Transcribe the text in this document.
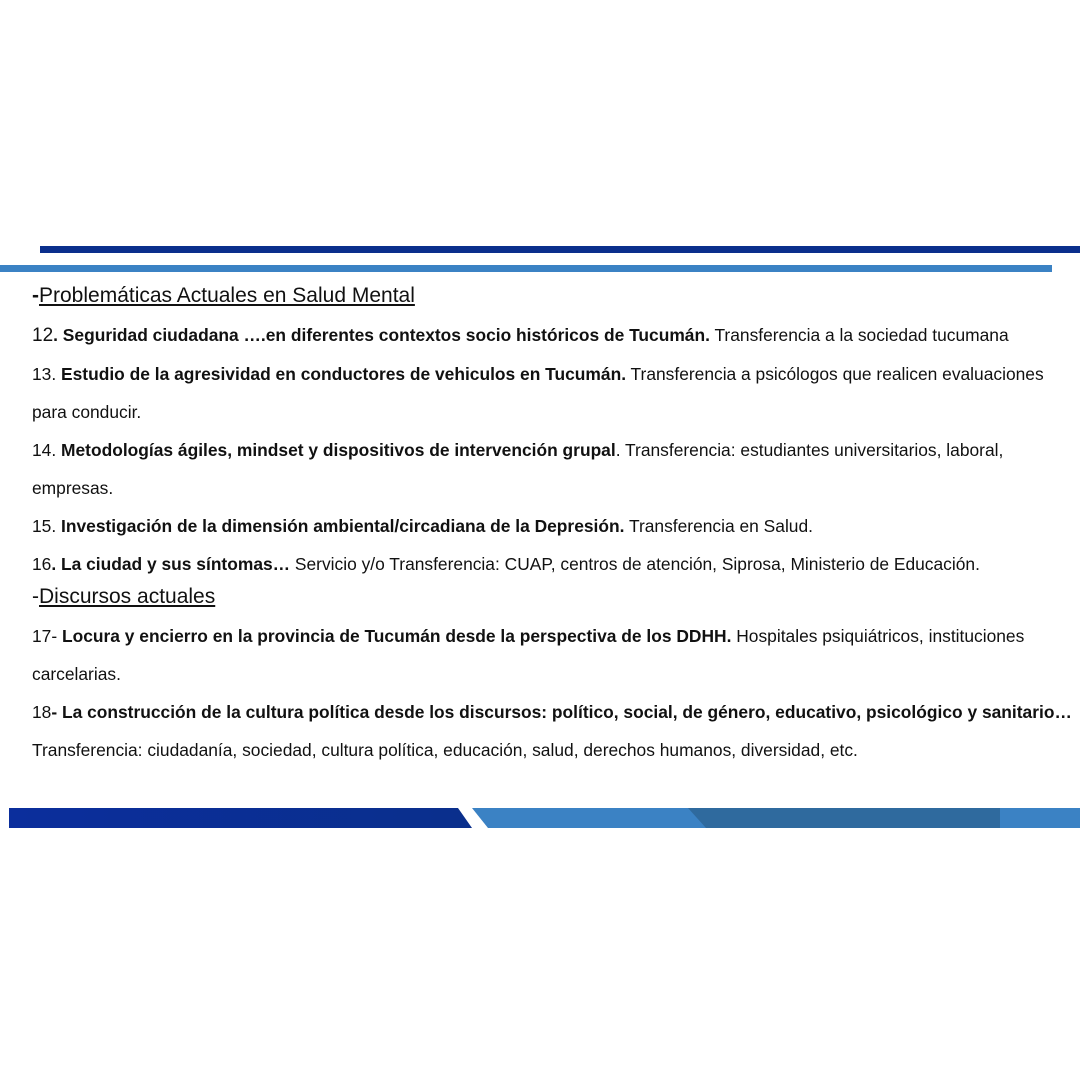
-Problemáticas Actuales en Salud Mental

12. Seguridad ciudadana ….en diferentes contextos socio históricos de Tucumán. Transferencia a la sociedad tucumana

13. Estudio de la agresividad en conductores de vehiculos en Tucumán. Transferencia a psicólogos que realicen evaluaciones para conducir.

14. Metodologías ágiles, mindset y dispositivos de intervención grupal. Transferencia: estudiantes universitarios, laboral, empresas.

15. Investigación de la dimensión ambiental/circadiana de la Depresión. Transferencia en Salud.

16. La ciudad y sus síntomas… Servicio y/o Transferencia: CUAP, centros de atención, Siprosa, Ministerio de Educación.

-Discursos actuales

17- Locura y encierro en la provincia de Tucumán desde la perspectiva de los DDHH. Hospitales psiquiátricos, instituciones carcelarias.

18- La construcción de la cultura política desde los discursos: político, social, de género, educativo, psicológico y sanitario…Transferencia: ciudadanía, sociedad, cultura política, educación, salud, derechos humanos, diversidad, etc.
